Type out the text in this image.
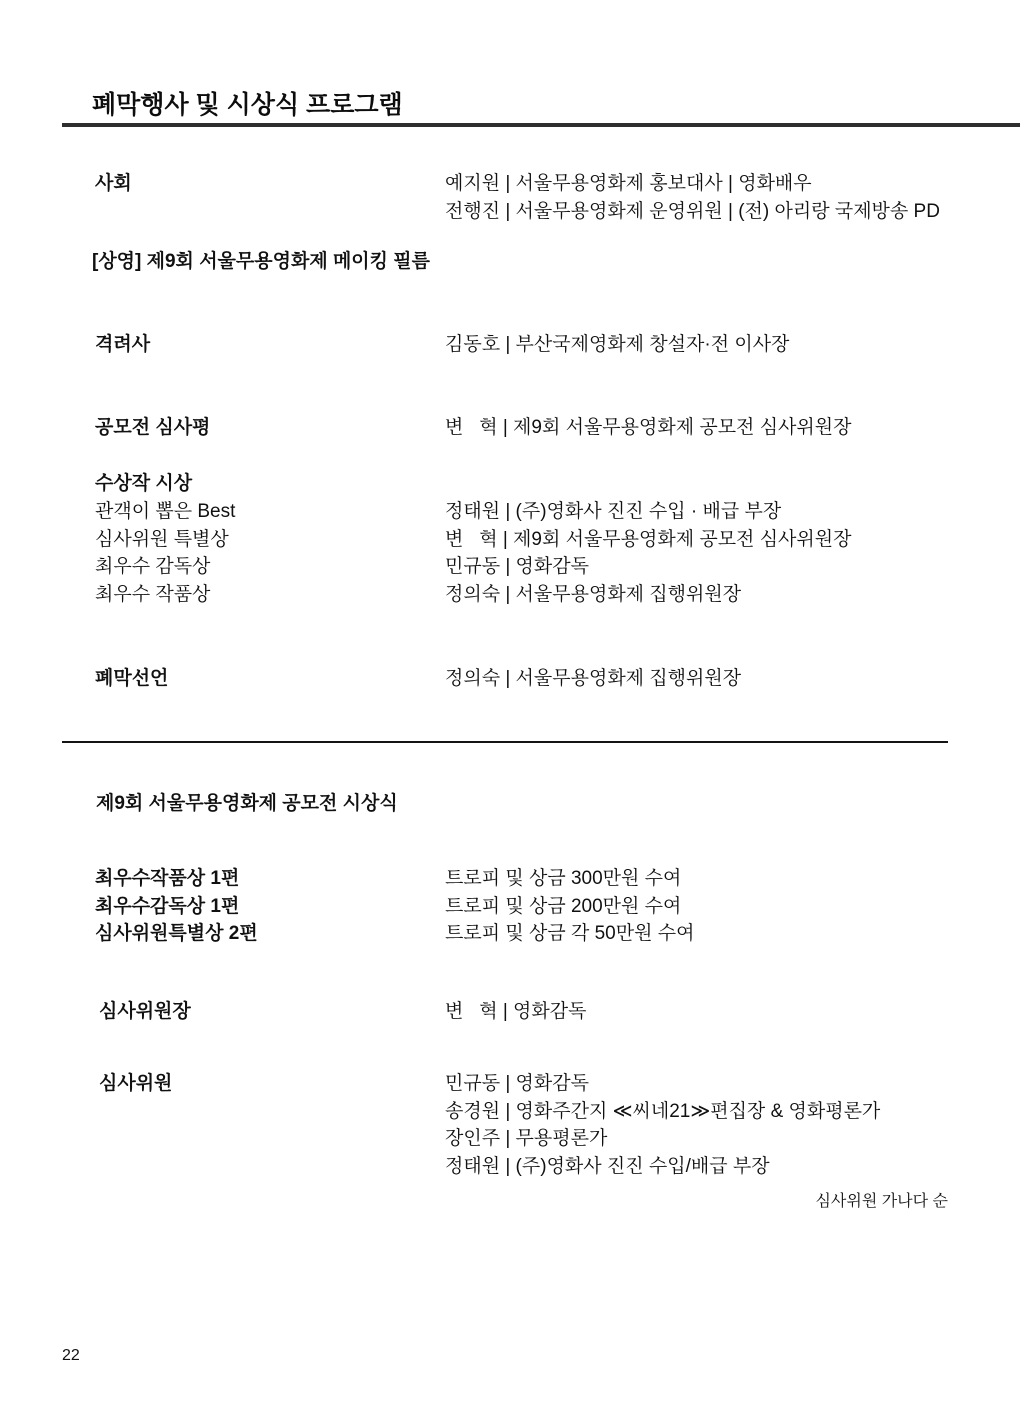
폐막행사 및 시상식 프로그램
사회	예지원 | 서울무용영화제 홍보대사 | 영화배우
전행진 | 서울무용영화제 운영위원 | (전) 아리랑 국제방송 PD
[상영] 제9회 서울무용영화제 메이킹 필름
격려사	김동호 | 부산국제영화제 창설자·전 이사장
공모전 심사평	변   혁 | 제9회 서울무용영화제 공모전 심사위원장
수상작 시상
관객이 뽑은 Best	정태원 | (주)영화사 진진 수입 · 배급 부장
심사위원 특별상	변   혁 | 제9회 서울무용영화제 공모전 심사위원장
최우수 감독상	민규동 | 영화감독
최우수 작품상	정의숙 | 서울무용영화제 집행위원장
폐막선언	정의숙 | 서울무용영화제 집행위원장
제9회 서울무용영화제 공모전 시상식
최우수작품상 1편	트로피 및 상금 300만원 수여
최우수감독상 1편	트로피 및 상금 200만원 수여
심사위원특별상 2편	트로피 및 상금 각 50만원 수여
심사위원장	변   혁 | 영화감독
심사위원	민규동 | 영화감독
송경원 | 영화주간지 ≪씨네21≫편집장 & 영화평론가
장인주 | 무용평론가
정태원 | (주)영화사 진진 수입/배급 부장
심사위원 가나다 순
22
